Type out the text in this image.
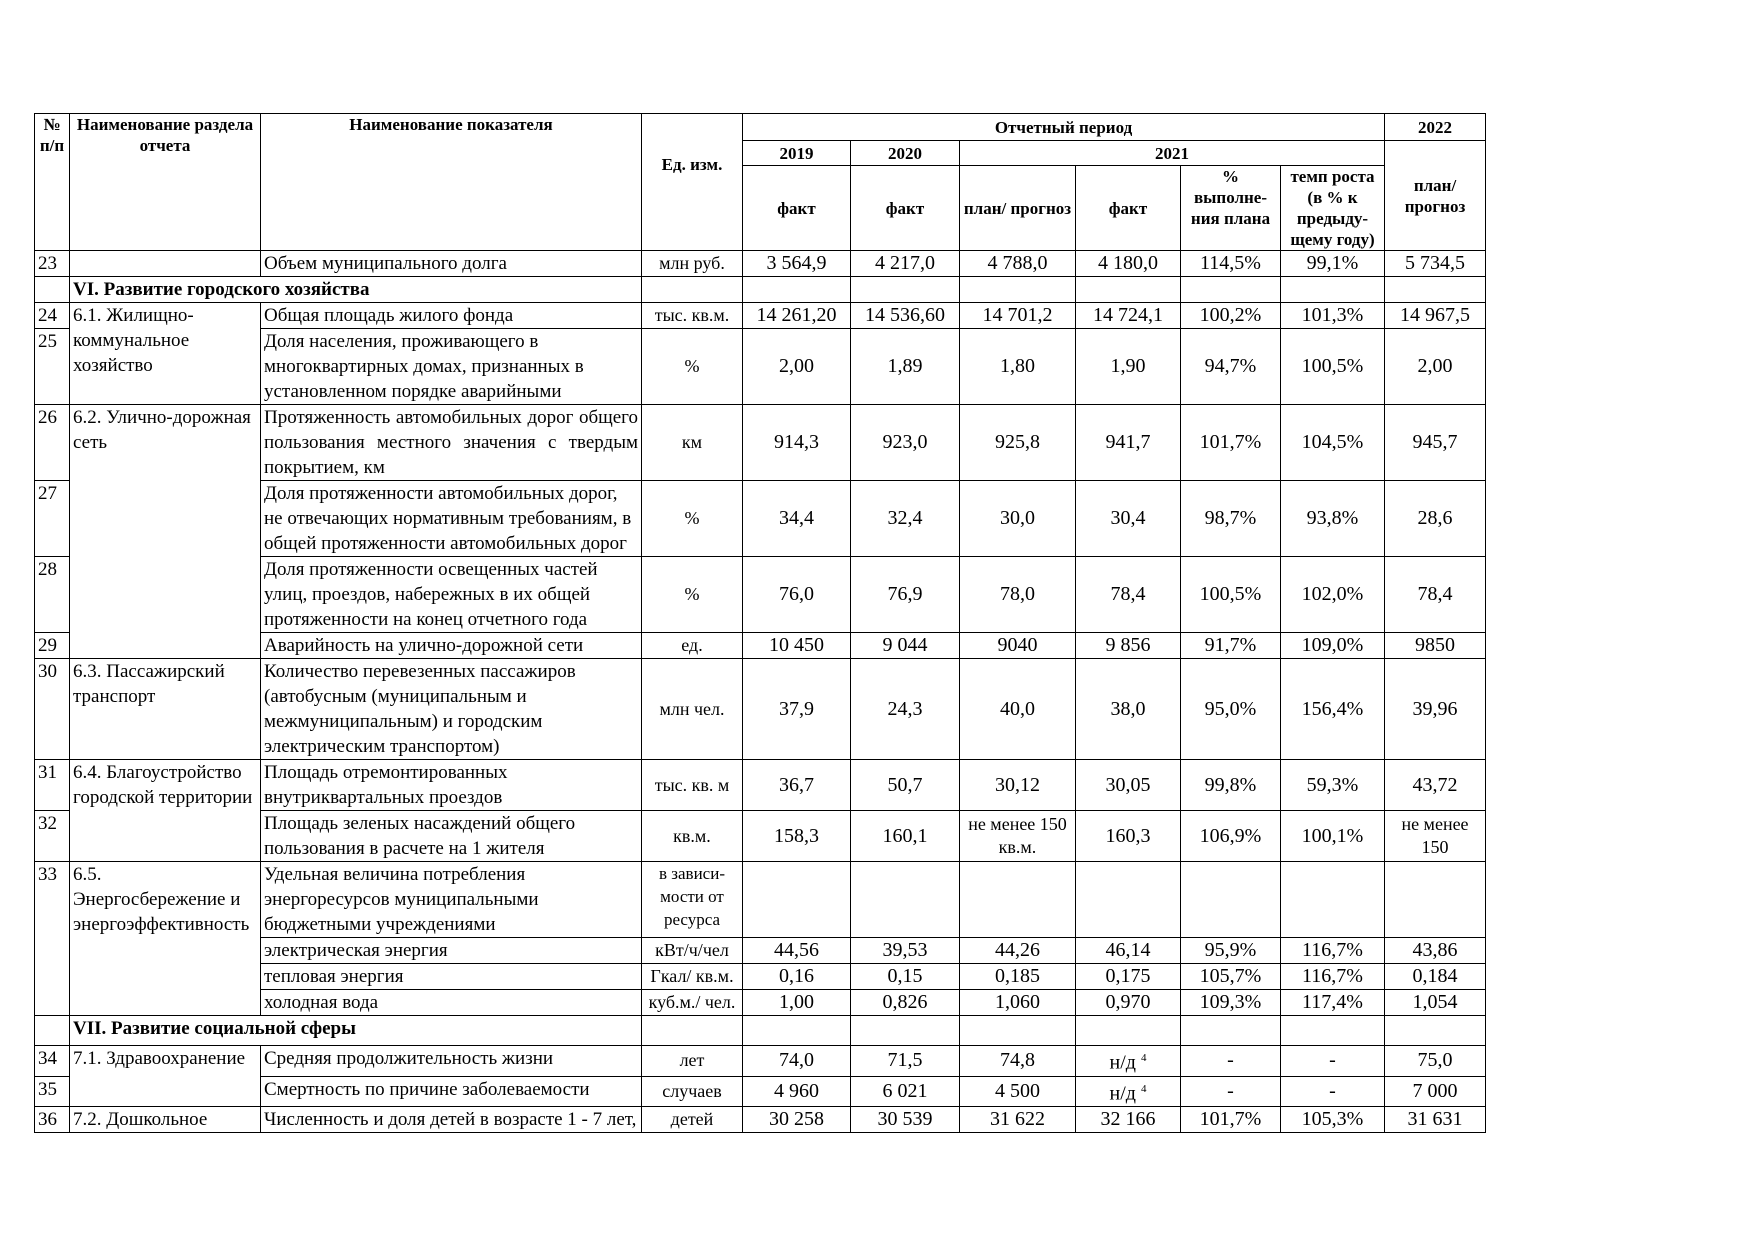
№ п/п	Наименование раздела отчета	Наименование показателя	Ед. изм.	Отчетный период						2022
				2019	2020	2021				план/ прогноз
				факт	факт	план/ прогноз	факт	% выполне-ния плана	темп роста (в % к предыду-щему году)	
23		Объем муниципального долга	млн руб.	3 564,9	4 217,0	4 788,0	4 180,0	114,5%	99,1%	5 734,5
	VI. Развитие городского хозяйства									
24	6.1. Жилищно-коммунальное хозяйство	Общая площадь жилого фонда	тыс. кв.м.	14 261,20	14 536,60	14 701,2	14 724,1	100,2%	101,3%	14 967,5
25		Доля населения, проживающего в многоквартирных домах, признанных в установленном порядке аварийными	%	2,00	1,89	1,80	1,90	94,7%	100,5%	2,00
26	6.2. Улично-дорожная сеть	Протяженность автомобильных дорог общего пользования местного значения с твердым покрытием, км	км	914,3	923,0	925,8	941,7	101,7%	104,5%	945,7
27		Доля протяженности автомобильных дорог, не отвечающих нормативным требованиям, в общей протяженности автомобильных дорог	%	34,4	32,4	30,0	30,4	98,7%	93,8%	28,6
28		Доля протяженности освещенных частей улиц, проездов, набережных в их общей протяженности на конец отчетного года	%	76,0	76,9	78,0	78,4	100,5%	102,0%	78,4
29		Аварийность на улично-дорожной сети	ед.	10 450	9 044	9040	9 856	91,7%	109,0%	9850
30	6.3. Пассажирский транспорт	Количество перевезенных пассажиров (автобусным (муниципальным и межмуниципальным) и городским электрическим транспортом)	млн чел.	37,9	24,3	40,0	38,0	95,0%	156,4%	39,96
31	6.4. Благоустройство городской территории	Площадь отремонтированных внутриквартальных проездов	тыс. кв. м	36,7	50,7	30,12	30,05	99,8%	59,3%	43,72
32		Площадь зеленых насаждений общего пользования в расчете на 1 жителя	кв.м.	158,3	160,1	не менее 150 кв.м.	160,3	106,9%	100,1%	не менее 150
33	6.5. Энергосбережение и энергоэффективность	Удельная величина потребления энергоресурсов муниципальными бюджетными учреждениями	в зависи-мости от ресурса							
		электрическая энергия	кВт/ч/чел	44,56	39,53	44,26	46,14	95,9%	116,7%	43,86
		тепловая энергия	Гкал/ кв.м.	0,16	0,15	0,185	0,175	105,7%	116,7%	0,184
		холодная вода	куб.м./ чел.	1,00	0,826	1,060	0,970	109,3%	117,4%	1,054
	VII. Развитие социальной сферы									
34	7.1. Здравоохранение	Средняя продолжительность жизни	лет	74,0	71,5	74,8	н/д $^4$	-	-	75,0
35		Смертность по причине заболеваемости	случаев	4 960	6 021	4 500	н/д $^4$	-	-	7 000
36	7.2. Дошкольное	Численность и доля детей в возрасте 1 - 7 лет,	детей	30 258	30 539	31 622	32 166	101,7%	105,3%	31 631
